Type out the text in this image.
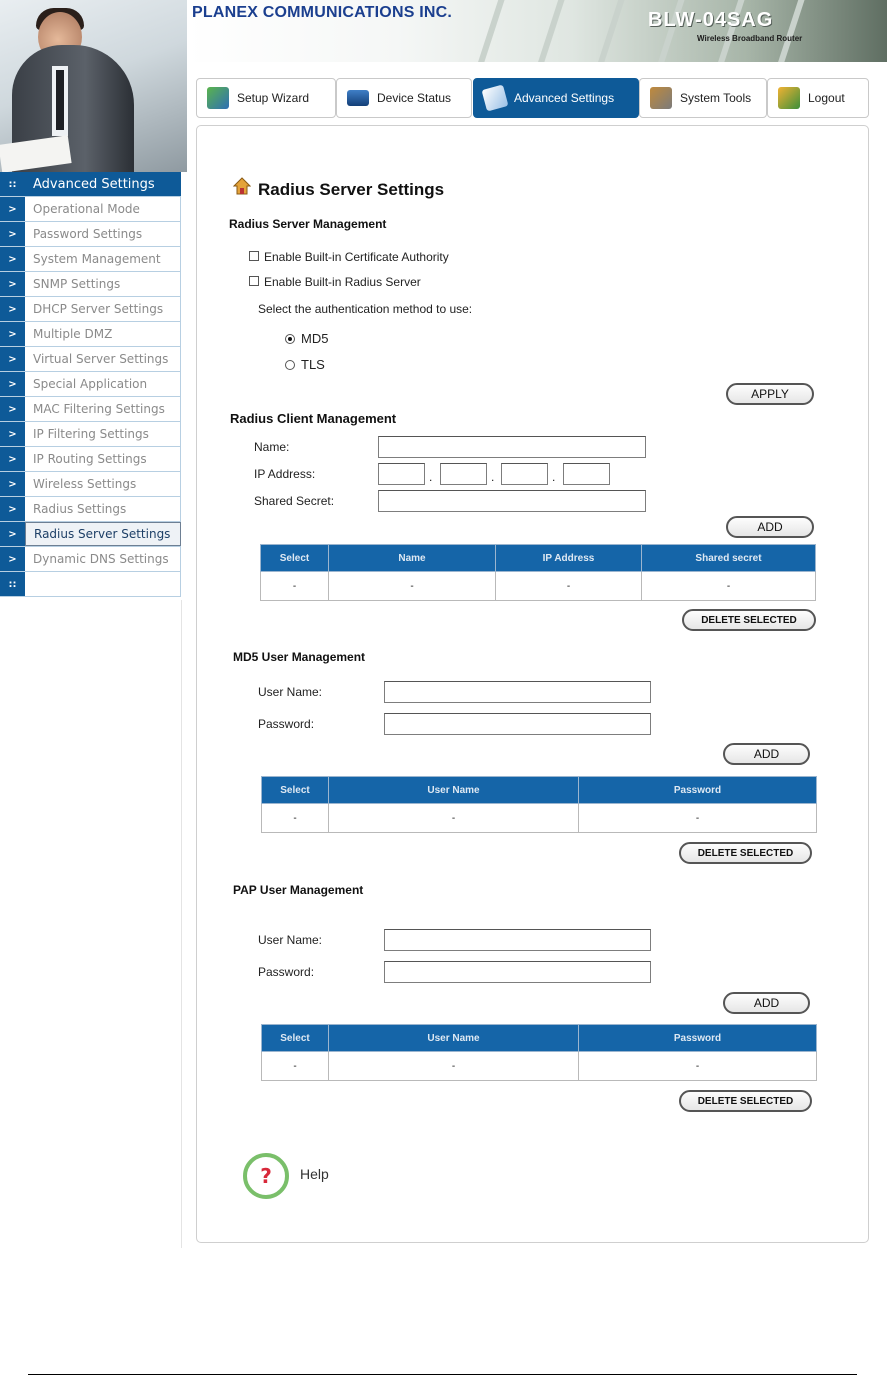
::	Advanced Settings
>	Operational Mode
>	Password Settings
>	System Management
>	SNMP Settings
>	DHCP Server Settings
>	Multiple DMZ
>	Virtual Server Settings
>	Special Application
>	MAC Filtering Settings
>	IP Filtering Settings
>	IP Routing Settings
>	Wireless Settings
>	Radius Settings
>	Radius Server Settings
>	Dynamic DNS Settings
::
PLANEX COMMUNICATIONS INC.	BLW-04SAG
Wireless Broadband Router
Setup Wizard	Device Status	Advanced Settings	System Tools	Logout
Radius Server Settings
Radius Server Management
Enable Built-in Certificate Authority
Enable Built-in Radius Server
Select the authentication method to use:
MD5
TLS
APPLY
Radius Client Management
Name:
IP Address:	.	.	.
Shared Secret:
ADD
Select	Name	IP Address	Shared secret
-	-	-	-
DELETE SELECTED
MD5 User Management
User Name:
Password:
ADD
Select	User Name	Password
-	-	-
DELETE SELECTED
PAP User Management
User Name:
Password:
ADD
Select	User Name	Password
-	-	-
DELETE SELECTED
? Help
